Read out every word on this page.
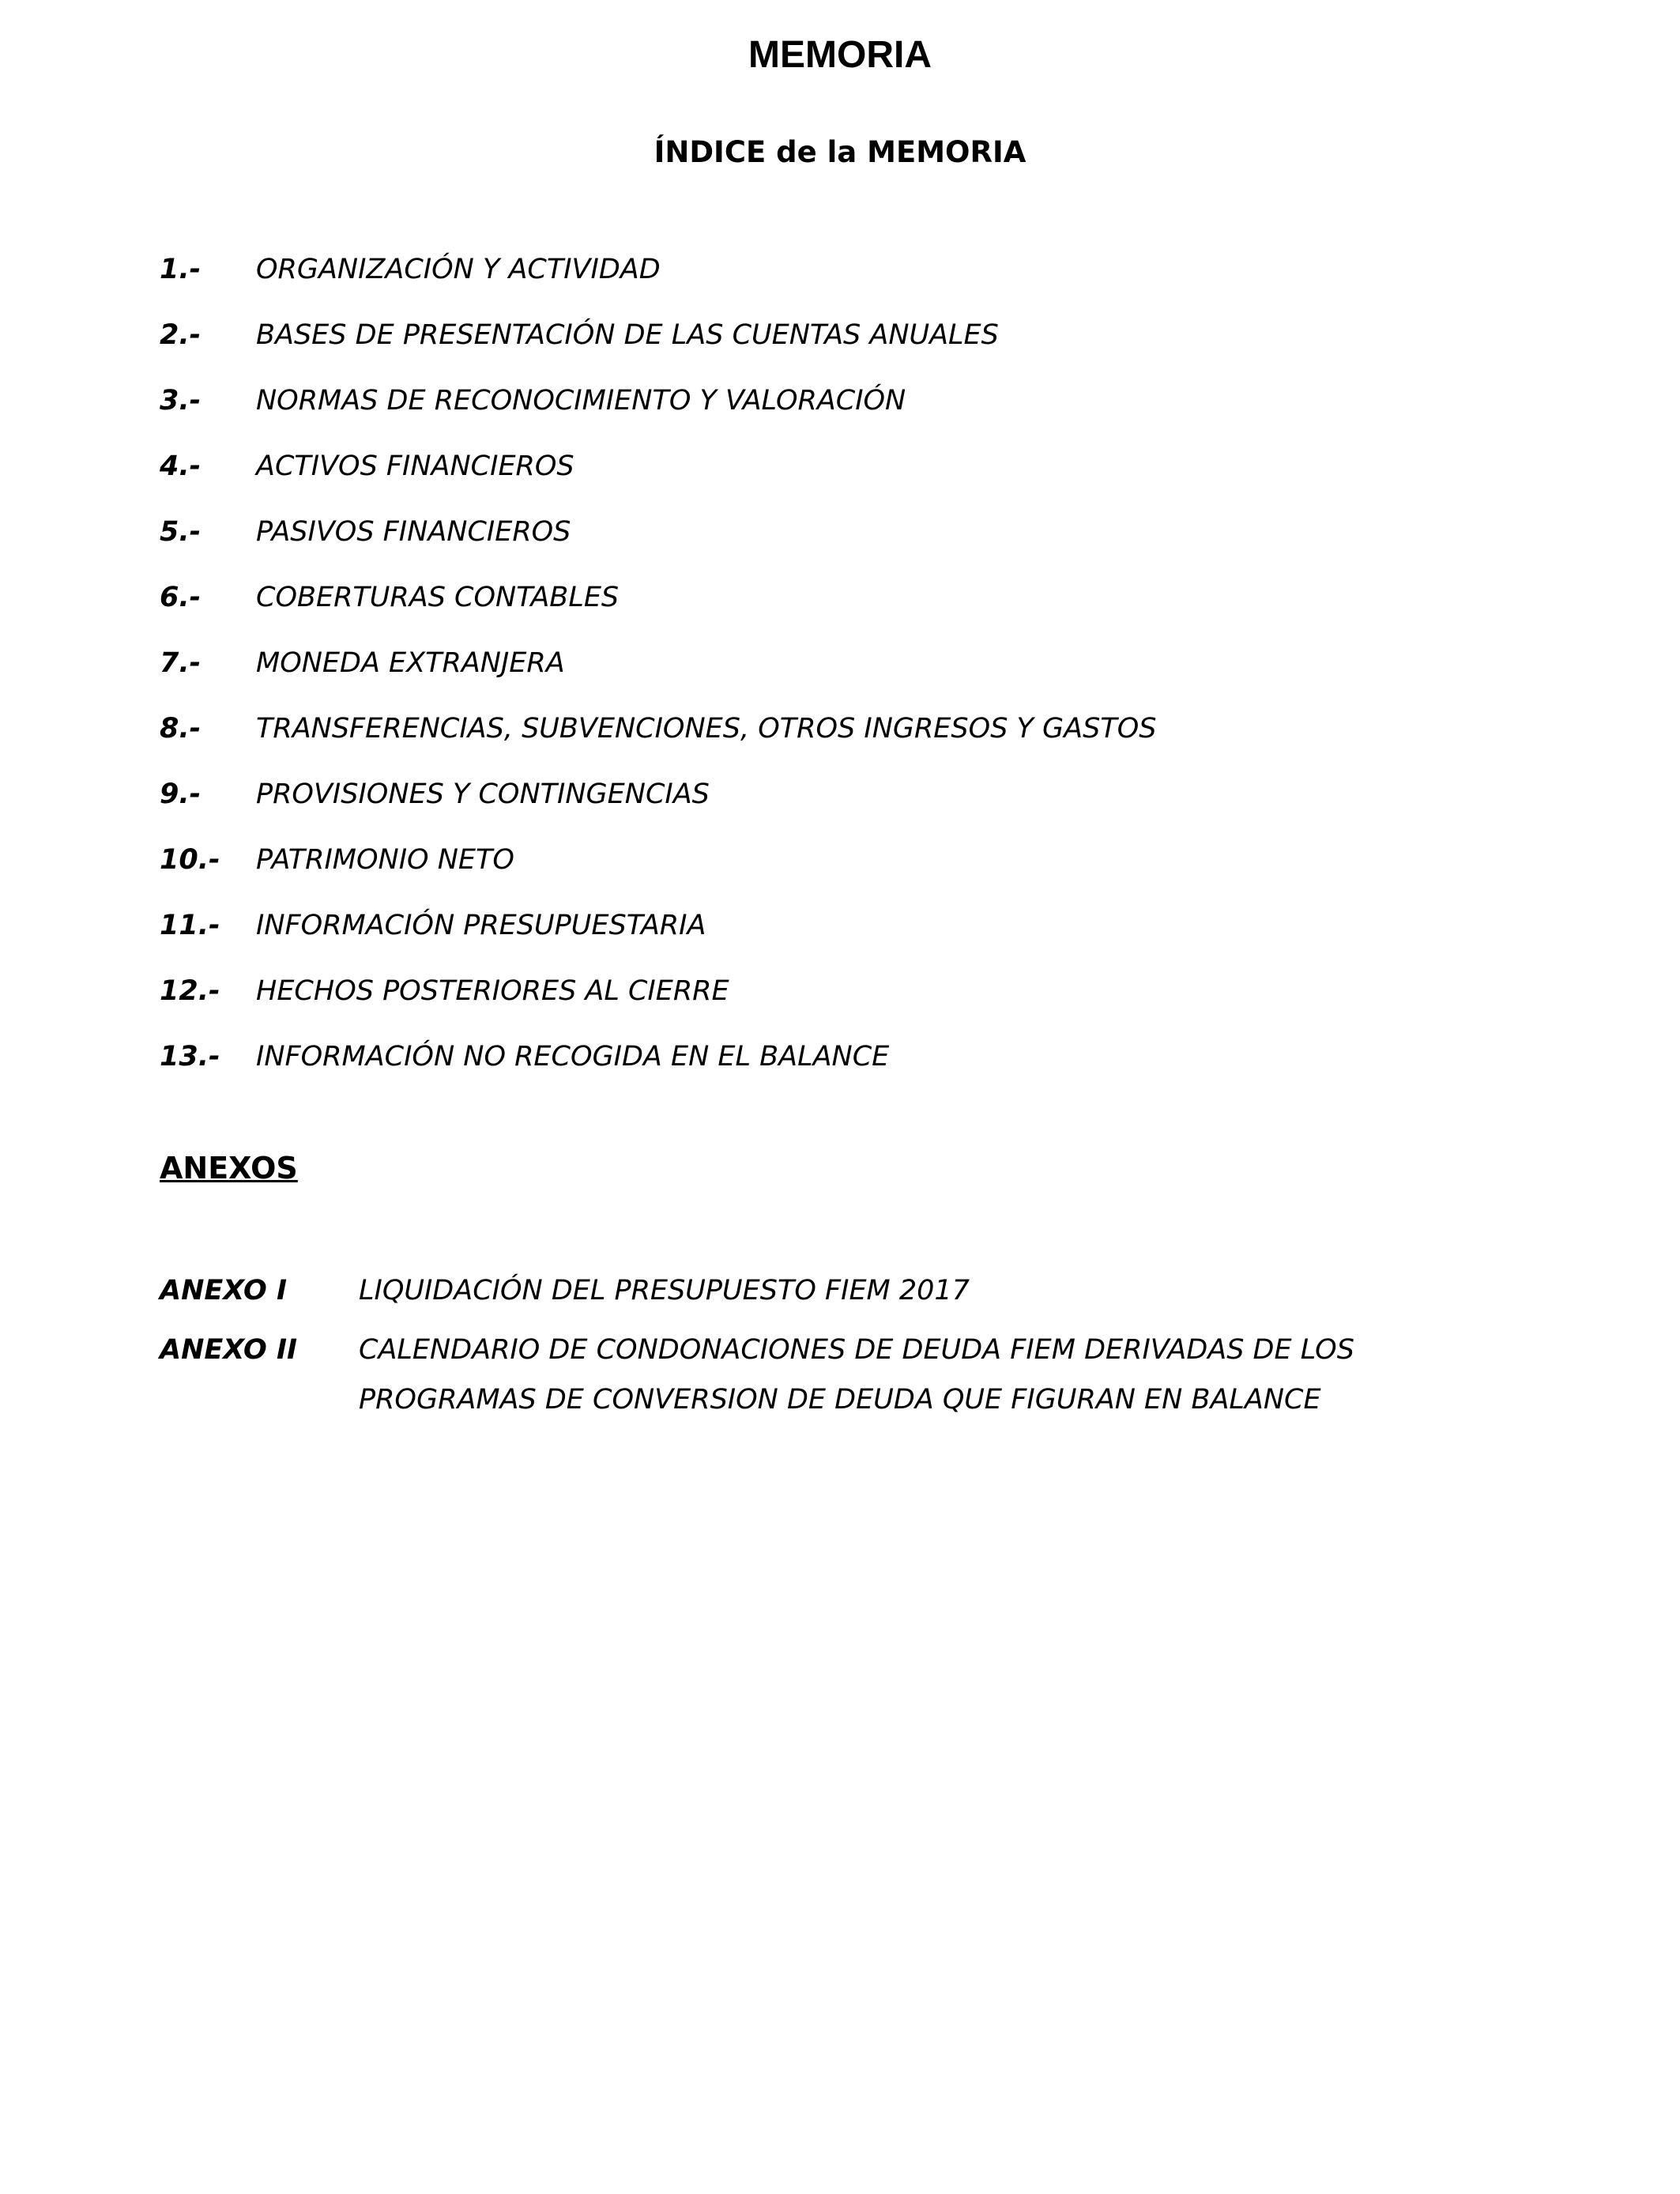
MEMORIA
ÍNDICE de la MEMORIA
1.- ORGANIZACIÓN Y ACTIVIDAD
2.- BASES DE PRESENTACIÓN DE LAS CUENTAS ANUALES
3.- NORMAS DE RECONOCIMIENTO Y VALORACIÓN
4.- ACTIVOS FINANCIEROS
5.- PASIVOS FINANCIEROS
6.- COBERTURAS CONTABLES
7.- MONEDA EXTRANJERA
8.- TRANSFERENCIAS, SUBVENCIONES, OTROS INGRESOS Y GASTOS
9.- PROVISIONES Y CONTINGENCIAS
10.- PATRIMONIO NETO
11.- INFORMACIÓN PRESUPUESTARIA
12.- HECHOS POSTERIORES AL CIERRE
13.- INFORMACIÓN NO RECOGIDA EN EL BALANCE
ANEXOS
ANEXO I	LIQUIDACIÓN DEL PRESUPUESTO FIEM 2017
ANEXO II CALENDARIO DE CONDONACIONES DE DEUDA FIEM DERIVADAS DE LOS PROGRAMAS DE CONVERSION DE DEUDA QUE FIGURAN EN BALANCE
